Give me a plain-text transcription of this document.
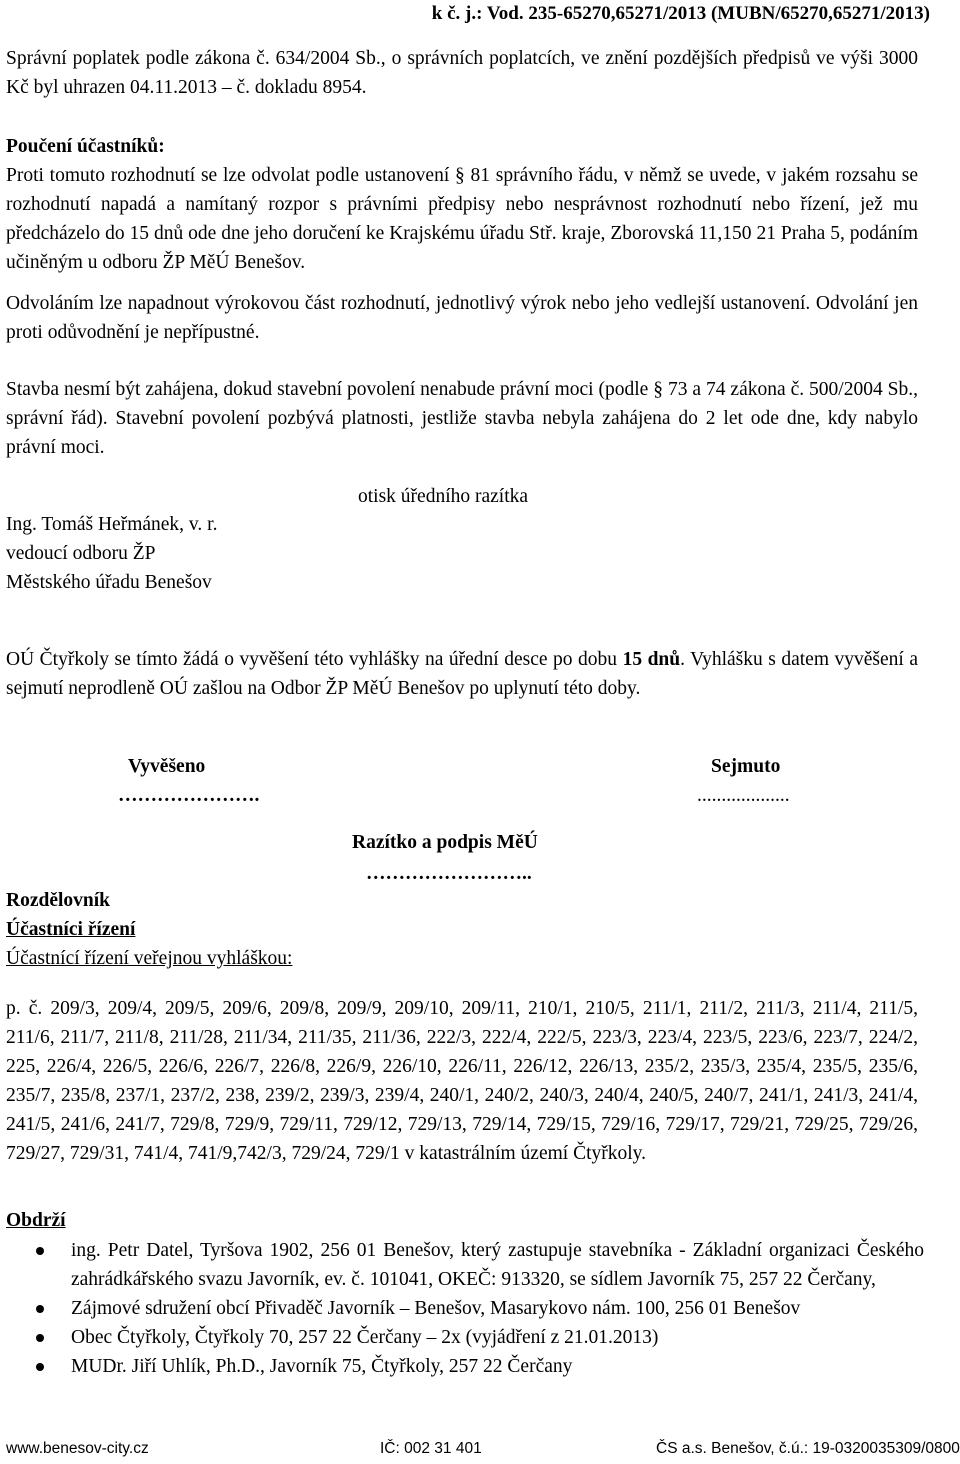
k č. j.: Vod. 235-65270,65271/2013 (MUBN/65270,65271/2013)
Správní poplatek podle zákona č. 634/2004 Sb., o správních poplatcích, ve znění pozdějších předpisů ve výši 3000 Kč byl uhrazen 04.11.2013 – č. dokladu 8954.
Poučení účastníků:
Proti tomuto rozhodnutí se lze odvolat podle ustanovení § 81 správního řádu, v němž se uvede, v jakém rozsahu se rozhodnutí napadá a namítaný rozpor s právními předpisy nebo nesprávnost rozhodnutí nebo řízení, jež mu předcházelo do 15 dnů ode dne jeho doručení ke Krajskému úřadu Stř. kraje, Zborovská 11,150 21 Praha 5, podáním učiněným u odboru ŽP MěÚ Benešov.
Odvoláním lze napadnout výrokovou část rozhodnutí, jednotlivý výrok nebo jeho vedlejší ustanovení. Odvolání jen proti odůvodnění je nepřípustné.
Stavba nesmí být zahájena, dokud stavební povolení nenabude právní moci (podle § 73 a 74 zákona č. 500/2004 Sb., správní řád). Stavební povolení pozbývá platnosti, jestliže stavba nebyla zahájena do 2 let ode dne, kdy nabylo právní moci.
otisk úředního razítka
Ing. Tomáš Heřmánek, v. r.
vedoucí odboru ŽP
Městského úřadu Benešov
OÚ Čtyřkoly se tímto žádá o vyvěšení této vyhlášky na úřední desce po dobu 15 dnů. Vyhlášku s datem vyvěšení a sejmutí neprodleně OÚ zašlou na Odbor ŽP MěÚ Benešov po uplynutí této doby.
Vyvěšeno	Sejmuto
………………….	...................
Razítko a podpis MěÚ
……………………..
Rozdělovník
Účastníci řízení
Účastnící řízení veřejnou vyhláškou:
p. č. 209/3, 209/4, 209/5, 209/6, 209/8, 209/9, 209/10, 209/11, 210/1, 210/5, 211/1, 211/2, 211/3, 211/4, 211/5, 211/6, 211/7, 211/8, 211/28, 211/34, 211/35, 211/36, 222/3, 222/4, 222/5, 223/3, 223/4, 223/5, 223/6, 223/7, 224/2, 225, 226/4, 226/5, 226/6, 226/7, 226/8, 226/9, 226/10, 226/11, 226/12, 226/13, 235/2, 235/3, 235/4, 235/5, 235/6, 235/7, 235/8, 237/1, 237/2, 238, 239/2, 239/3, 239/4, 240/1, 240/2, 240/3, 240/4, 240/5, 240/7, 241/1, 241/3, 241/4, 241/5, 241/6, 241/7, 729/8, 729/9, 729/11, 729/12, 729/13, 729/14, 729/15, 729/16, 729/17, 729/21, 729/25, 729/26, 729/27, 729/31, 741/4, 741/9,742/3, 729/24, 729/1 v katastrálním území Čtyřkoly.
Obdrží
ing. Petr Datel, Tyršova 1902, 256 01 Benešov, který zastupuje stavebníka - Základní organizaci Českého zahrádkářského svazu Javorník, ev. č. 101041, OKEČ: 913320, se sídlem Javorník 75, 257 22 Čerčany,
Zájmové sdružení obcí Přivaděč Javorník – Benešov, Masarykovo nám. 100, 256 01 Benešov
Obec Čtyřkoly, Čtyřkoly 70, 257 22 Čerčany – 2x (vyjádření z 21.01.2013)
MUDr. Jiří Uhlík, Ph.D., Javorník 75, Čtyřkoly, 257 22 Čerčany
www.benesov-city.cz	IČ: 002 31 401	ČS a.s. Benešov, č.ú.: 19-0320035309/0800
